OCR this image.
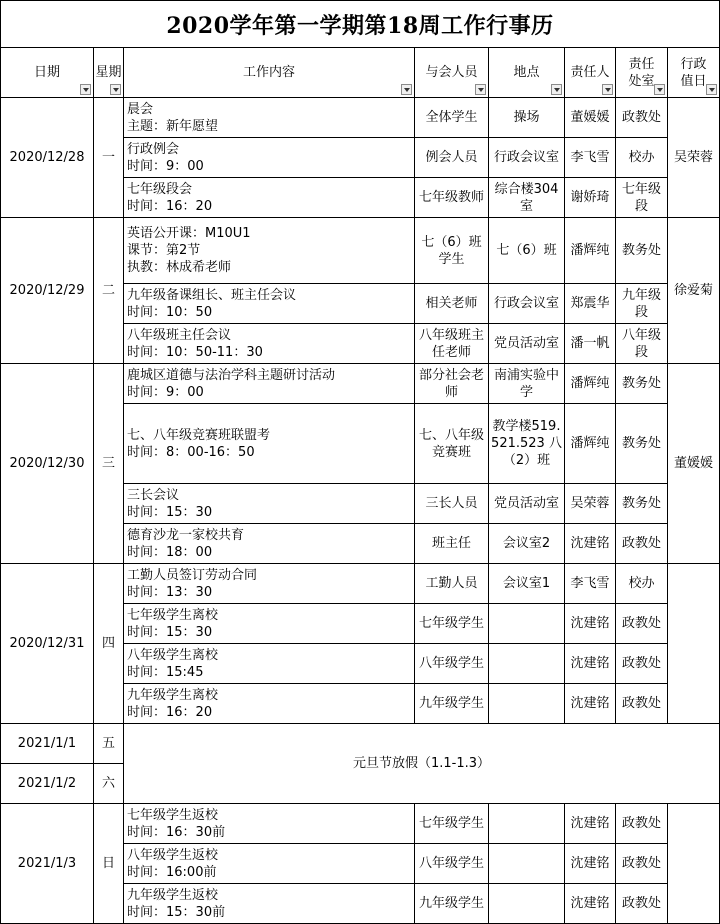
2020学年第一学期第18周工作行事历
日期	星期	工作内容	与会人员	地点	责任人	责任处室	行政值日

2020/12/28	一	晨会
主题：新年愿望	全体学生	操场	董媛媛	政教处	吴荣蓉

		行政例会
时间：9：00	例会人员	行政会议室	李飞雪	校办	

		七年级段会
时间：16：20	七年级教师	综合楼304室	谢娇琦	七年级段	
2020/12/29	二	英语公开课：M10U1
课节：第2节
执教：林成希老师	七（6）班学生	七（6）班	潘辉纯	教务处	徐爱菊

		九年级备课组长、班主任会议
时间：10：50	相关老师	行政会议室	郑震华	九年级段	

		八年级班主任会议
时间：10：50-11：30	八年级班主任老师	党员活动室	潘一帆	八年级段	
2020/12/30	三	鹿城区道德与法治学科主题研讨活动
时间：9：00	部分社会老师	南浦实验中学	潘辉纯	教务处	董媛媛

		七、八年级竞赛班联盟考
时间：8：00-16：50	七、八年级竞赛班	教学楼519.521.523 八（2）班	潘辉纯	教务处	

		三长会议
时间：15：30	三长人员	党员活动室	吴荣蓉	教务处	

		德育沙龙一家校共育
时间：18：00	班主任	会议室2	沈建铭	政教处	
2020/12/31	四	工勤人员签订劳动合同
时间：13：30	工勤人员	会议室1	李飞雪	校办	

		七年级学生离校
时间：15：30	七年级学生		沈建铭	政教处	

		八年级学生离校
时间：15:45	八年级学生		沈建铭	政教处	

		九年级学生离校
时间：16：20	九年级学生		沈建铭	政教处	
2021/1/1	五	元旦节放假（1.1-1.3）					
2021/1/2	六						
2021/1/3	日	七年级学生返校
时间：16：30前	七年级学生		沈建铭	政教处	

		八年级学生返校
时间：16:00前	八年级学生		沈建铭	政教处	

		九年级学生返校
时间：15：30前	九年级学生		沈建铭	政教处	
